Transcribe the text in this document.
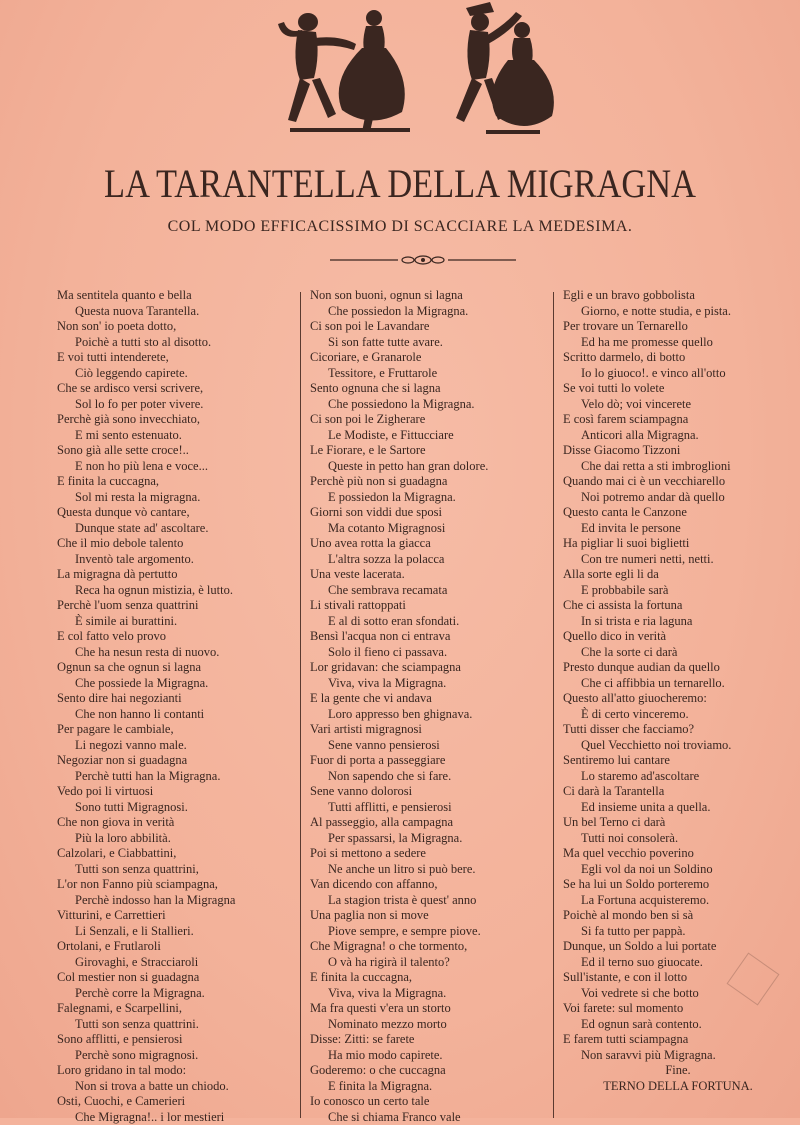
LA TARANTELLA DELLA MIGRAGNA
COL MODO EFFICACISSIMO DI SCACCIARE LA MEDESIMA.
Ma sentitela quanto e bella
Questa nuova Tarantella.
Non son' io poeta dotto,
Poichè a tutti sto al disotto.
E voi tutti intenderete,
Ciò leggendo capirete.
Che se ardisco versi scrivere,
Sol lo fo per poter vivere.
Perchè già sono invecchiato,
E mi sento estenuato.
Sono già alle sette croce!..
E non ho più lena e voce...
E finita la cuccagna,
Sol mi resta la migragna.
Questa dunque vò cantare,
Dunque state ad' ascoltare.
Che il mio debole talento
Inventò tale argomento.
La migragna dà pertutto
Reca ha ognun mistizia, è lutto.
Perchè l'uom senza quattrini
È simile ai burattini.
E col fatto velo provo
Che ha nesun resta di nuovo.
Ognun sa che ognun si lagna
Che possiede la Migragna.
Sento dire hai negozianti
Che non hanno li contanti
Per pagare le cambiale,
Li negozi vanno male.
Negoziar non si guadagna
Perchè tutti han la Migragna.
Vedo poi li virtuosi
Sono tutti Migragnosi.
Che non giova in verità
Più la loro abbilità.
Calzolari, e Ciabbattini,
Tutti son senza quattrini,
L'or non Fanno più sciampagna,
Perchè indosso han la Migragna
Vitturini, e Carrettieri
Li Senzali, e li Stallieri.
Ortolani, e Frutlaroli
Girovaghi, e Stracciaroli
Col mestier non si guadagna
Perchè corre la Migragna.
Falegnami, e Scarpellini,
Tutti son senza quattrini.
Sono afflitti, e pensierosi
Perchè sono migragnosi.
Loro gridano in tal modo:
Non si trova a batte un chiodo.
Osti, Cuochi, e Camerieri
Che Migragna!.. i lor mestieri
Non son buoni, ognun si lagna
Che possiedon la Migragna.
Ci son poi le Lavandare
Si son fatte tutte avare.
Cicoriare, e Granarole
Tessitore, e Fruttarole
Sento ognuna che si lagna
Che possiedono la Migragna.
Ci son poi le Zigherare
Le Modiste, e Fittucciare
Le Fiorare, e le Sartore
Queste in petto han gran dolore.
Perchè più non si guadagna
E possiedon la Migragna.
Giorni son viddi due sposi
Ma cotanto Migragnosi
Uno avea rotta la giacca
L'altra sozza la polacca
Una veste lacerata.
Che sembrava recamata
Li stivali rattoppati
E al di sotto eran sfondati.
Bensì l'acqua non ci entrava
Solo il fieno ci passava.
Lor gridavan: che sciampagna
Viva, viva la Migragna.
E la gente che vi andava
Loro appresso ben ghignava.
Vari artisti migragnosi
Sene vanno pensierosi
Fuor di porta a passeggiare
Non sapendo che si fare.
Sene vanno dolorosi
Tutti afflitti, e pensierosi
Al passeggio, alla campagna
Per spassarsi, la Migragna.
Poi si mettono a sedere
Ne anche un litro si può bere.
Van dicendo con affanno,
La stagion trista è quest' anno
Una paglia non si move
Piove sempre, e sempre piove.
Che Migragna! o che tormento,
O và ha rigirà il talento?
E finita la cuccagna,
Viva, viva la Migragna.
Ma fra questi v'era un storto
Nominato mezzo morto
Disse: Zitti: se farete
Ha mio modo capirete.
Goderemo: o che cuccagna
E finita la Migragna.
Io conosco un certo tale
Che si chiama Franco vale
Egli e un bravo gobbolista
Giorno, e notte studia, e pista.
Per trovare un Ternarello
Ed ha me promesse quello
Scritto darmelo, di botto
Io lo giuoco!. e vinco all'otto
Se voi tutti lo volete
Velo dò; voi vincerete
E così farem sciampagna
Anticori alla Migragna.
Disse Giacomo Tizzoni
Che dai retta a sti imbroglioni
Quando mai ci è un vecchiarello
Noi potremo andar dà quello
Questo canta le Canzone
Ed invita le persone
Ha pigliar li suoi biglietti
Con tre numeri netti, netti.
Alla sorte egli li da
E probbabile sarà
Che ci assista la fortuna
In si trista e ria laguna
Quello dico in verità
Che la sorte ci darà
Presto dunque audian da quello
Che ci affibbia un ternarello.
Questo all'atto giuocheremo:
È di certo vinceremo.
Tutti disser che facciamo?
Quel Vecchietto noi troviamo.
Sentiremo lui cantare
Lo staremo ad'ascoltare
Ci darà la Tarantella
Ed insieme unita a quella.
Un bel Terno ci darà
Tutti noi consolerà.
Ma quel vecchio poverino
Egli vol da noi un Soldino
Se ha lui un Soldo porteremo
La Fortuna acquisteremo.
Poichè al mondo ben si sà
Si fa tutto per pappà.
Dunque, un Soldo a lui portate
Ed il terno suo giuocate.
Sull'istante, e con il lotto
Voi vedrete si che botto
Voi farete: sul momento
Ed ognun sarà contento.
E farem tutti sciampagna
Non saravvi più Migragna.
Fine.
TERNO DELLA FORTUNA.
